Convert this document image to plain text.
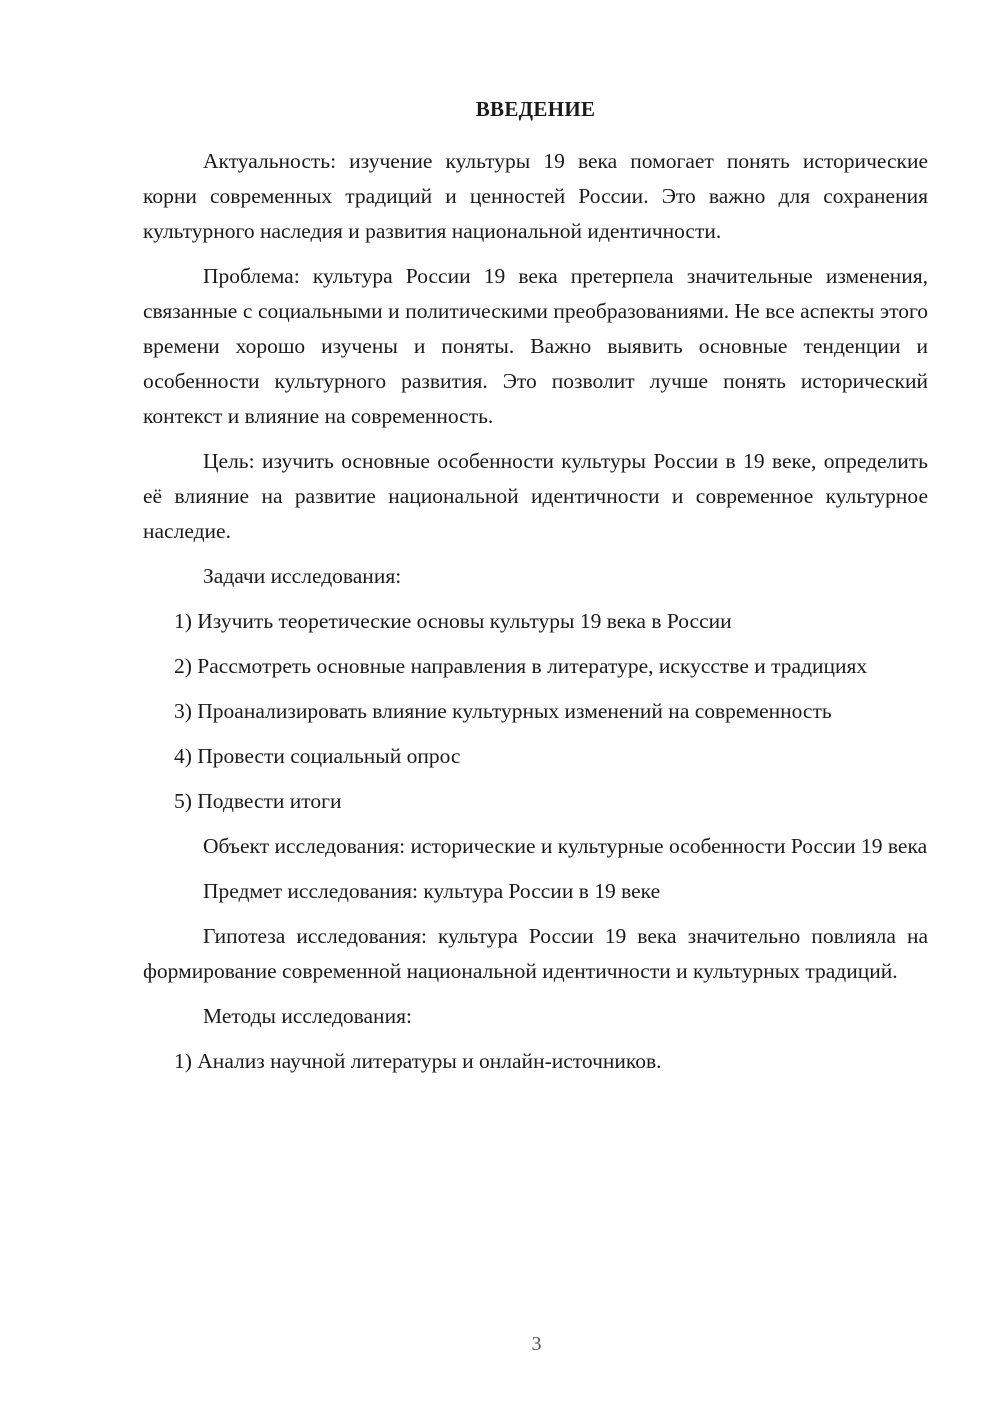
ВВЕДЕНИЕ

Актуальность: изучение культуры 19 века помогает понять исторические корни современных традиций и ценностей России. Это важно для сохранения культурного наследия и развития национальной идентичности.

Проблема: культура России 19 века претерпела значительные изменения, связанные с социальными и политическими преобразованиями. Не все аспекты этого времени хорошо изучены и поняты. Важно выявить основные тенденции и особенности культурного развития. Это позволит лучше понять исторический контекст и влияние на современность.

Цель: изучить основные особенности культуры России в 19 веке, определить её влияние на развитие национальной идентичности и современное культурное наследие.

Задачи исследования:

1) Изучить теоретические основы культуры 19 века в России

2) Рассмотреть основные направления в литературе, искусстве и традициях

3) Проанализировать влияние культурных изменений на современность

4) Провести социальный опрос

5) Подвести итоги

Объект исследования: исторические и культурные особенности России 19 века

Предмет исследования: культура России в 19 веке

Гипотеза исследования: культура России 19 века значительно повлияла на формирование современной национальной идентичности и культурных традиций.

Методы исследования:

1) Анализ научной литературы и онлайн-источников.

3
